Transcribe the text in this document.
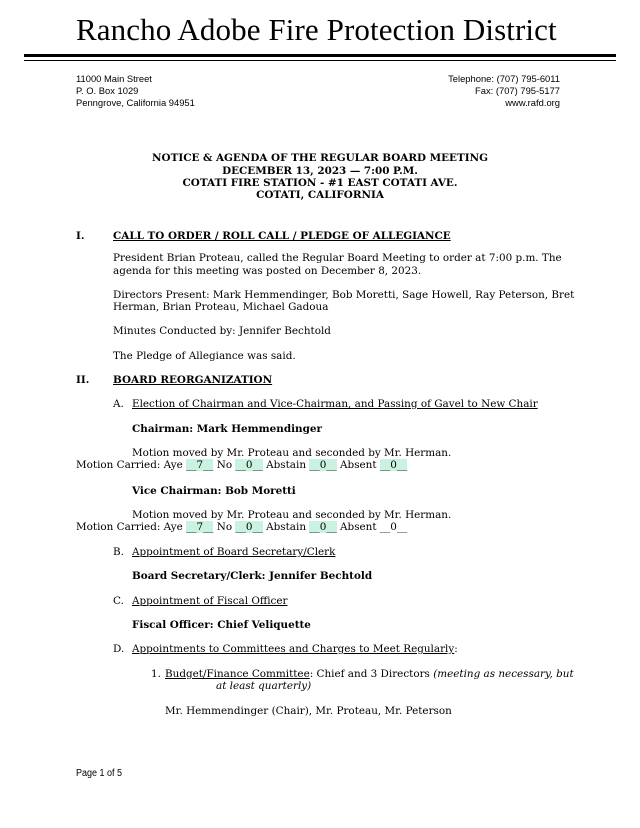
Rancho Adobe Fire Protection District
11000 Main Street
P. O. Box 1029
Penngrove, California 94951
Telephone: (707) 795-6011
Fax: (707) 795-5177
www.rafd.org
NOTICE & AGENDA OF THE REGULAR BOARD MEETING
DECEMBER 13, 2023 — 7:00 P.M.
COTATI FIRE STATION - #1 EAST COTATI AVE.
COTATI, CALIFORNIA
I.	CALL TO ORDER / ROLL CALL / PLEDGE OF ALLEGIANCE
President Brian Proteau, called the Regular Board Meeting to order at 7:00 p.m. The
agenda for this meeting was posted on December 8, 2023.
Directors Present: Mark Hemmendinger, Bob Moretti, Sage Howell, Ray Peterson, Bret
Herman, Brian Proteau, Michael Gadoua
Minutes Conducted by: Jennifer Bechtold
The Pledge of Allegiance was said.
II. BOARD REORGANIZATION
A. Election of Chairman and Vice-Chairman, and Passing of Gavel to New Chair
Chairman: Mark Hemmendinger
Motion moved by Mr. Proteau and seconded by Mr. Herman.
Motion Carried: Aye __7__ No __0__ Abstain __0__ Absent __0__
Vice Chairman: Bob Moretti
Motion moved by Mr. Proteau and seconded by Mr. Herman.
Motion Carried: Aye __7__ No __0__ Abstain __0__ Absent __0__
B. Appointment of Board Secretary/Clerk
Board Secretary/Clerk: Jennifer Bechtold
C. Appointment of Fiscal Officer
Fiscal Officer: Chief Veliquette
D. Appointments to Committees and Charges to Meet Regularly:
1. Budget/Finance Committee: Chief and 3 Directors (meeting as necessary, but
at least quarterly)
Mr. Hemmendinger (Chair), Mr. Proteau, Mr. Peterson
Page 1 of 5
